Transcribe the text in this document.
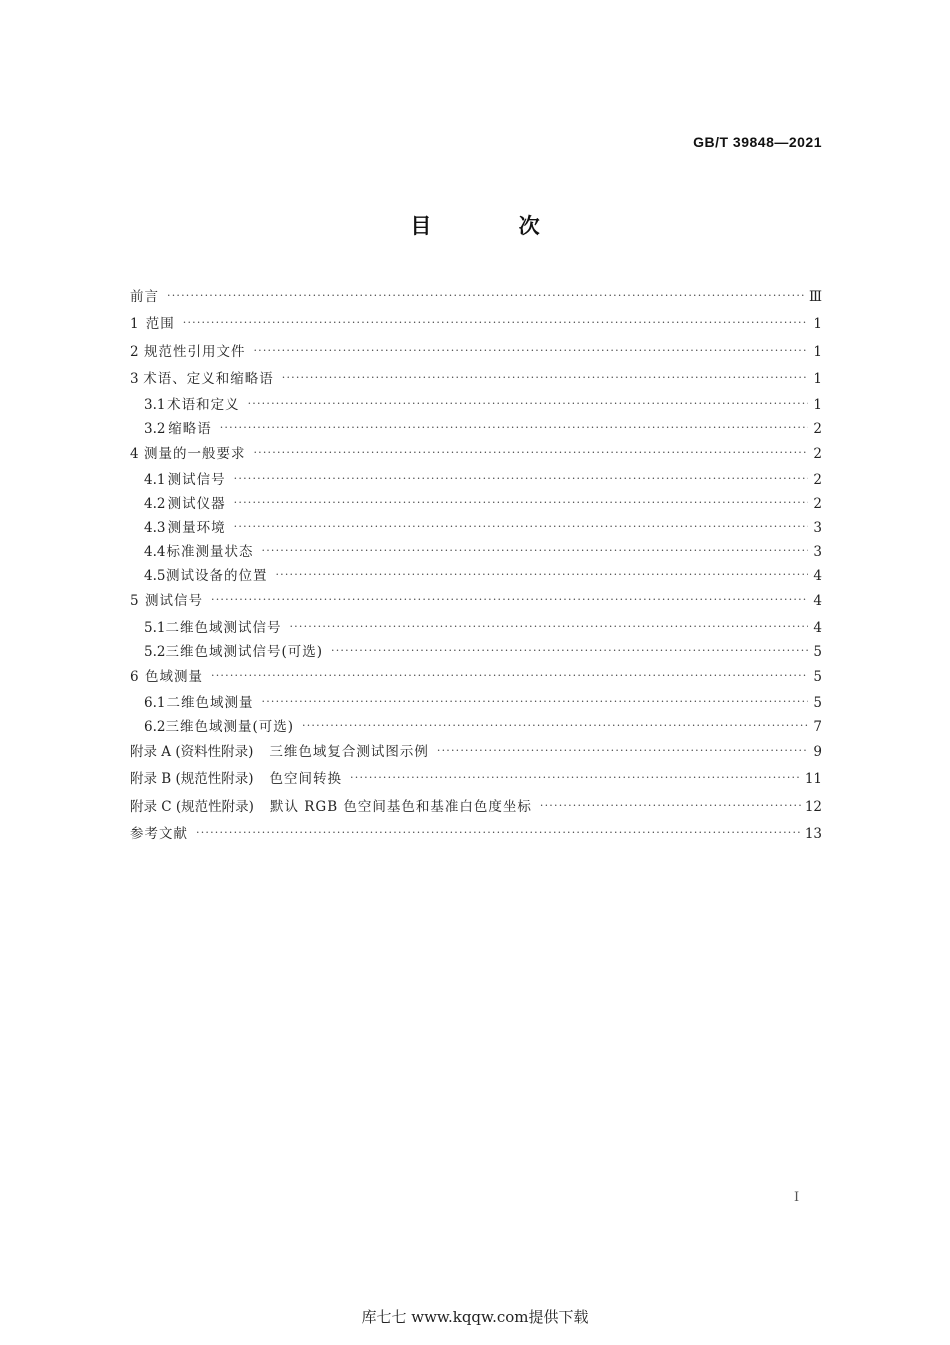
GB/T 39848—2021
目 次
前言 ·····	Ⅲ
1 范围 ·····	1
2 规范性引用文件 ·····	1
3 术语、定义和缩略语 ·····	1
3.1 术语和定义 ·····	1
3.2 缩略语 ·····	2
4 测量的一般要求 ·····	2
4.1 测试信号 ·····	2
4.2 测试仪器 ·····	2
4.3 测量环境 ·····	3
4.4 标准测量状态 ·····	3
4.5 测试设备的位置 ·····	4
5 测试信号 ·····	4
5.1 二维色域测试信号 ·····	4
5.2 三维色域测试信号(可选) ·····	5
6 色域测量 ·····	5
6.1 二维色域测量 ·····	5
6.2 三维色域测量(可选) ·····	7
附录 A (资料性附录) 三维色域复合测试图示例 ·····	9
附录 B (规范性附录) 色空间转换 ·····	11
附录 C (规范性附录) 默认 RGB 色空间基色和基准白色度坐标 ·····	12
参考文献 ·····	13
I
库七七 www.kqqw.com提供下载
